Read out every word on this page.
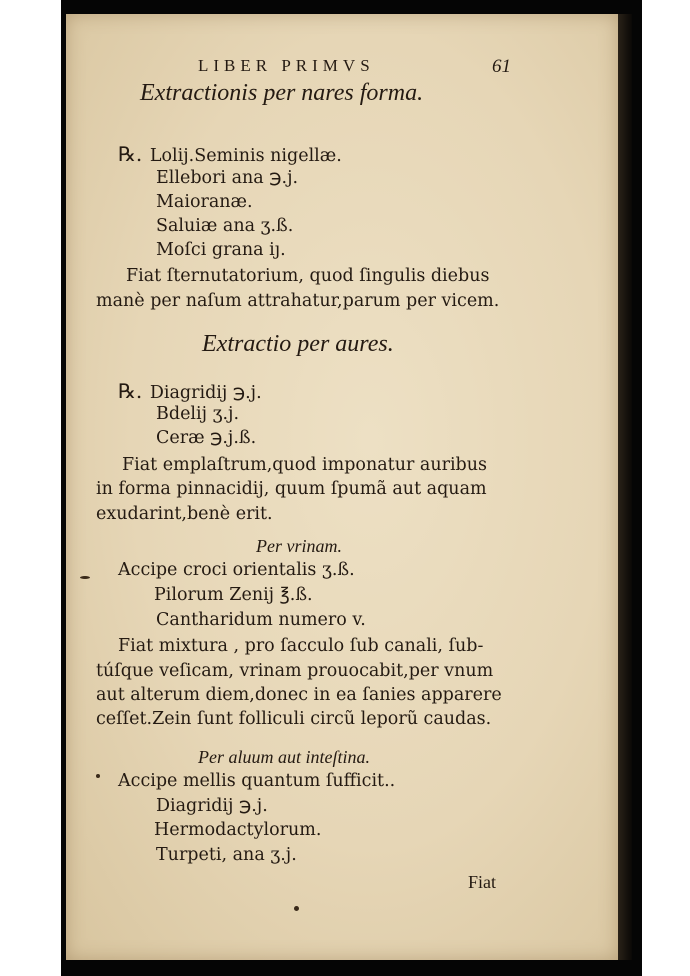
LIBER PRIMVS	61
Extractionis per nares forma.
℞. Lolij.Seminis nigellæ.
Ellebori ana ℈.j.
Maioranæ.
Saluiæ ana ʒ.ß.
Moſci grana iȷ.
Fiat ſternutatorium, quod ſingulis diebus
manè per naſum attrahatur,parum per vicem.
Extractio per aures.
℞. Diagridij ℈.j.
Bdelij ʒ.j.
Ceræ ℈.j.ß.
Fiat emplaſtrum,quod imponatur auribus
in forma pinnacidij, quum ſpumã aut aquam
exudarint,benè erit.
Per vrinam.
Accipe croci orientalis ʒ.ß.
Pilorum Zenij ℥.ß.
Cantharidum numero v.
Fiat mixtura , pro ſacculo ſub canali, ſub-
túſque veſicam, vrinam prouocabit,per vnum
aut alterum diem,donec in ea ſanies apparere
ceſſet.Zein ſunt folliculi circũ leporũ caudas.
Per aluum aut inteſtina.
Accipe mellis quantum ſufficit..
Diagridij ℈.j.
Hermodactylorum.
Turpeti, ana ʒ.j.
Fiat
